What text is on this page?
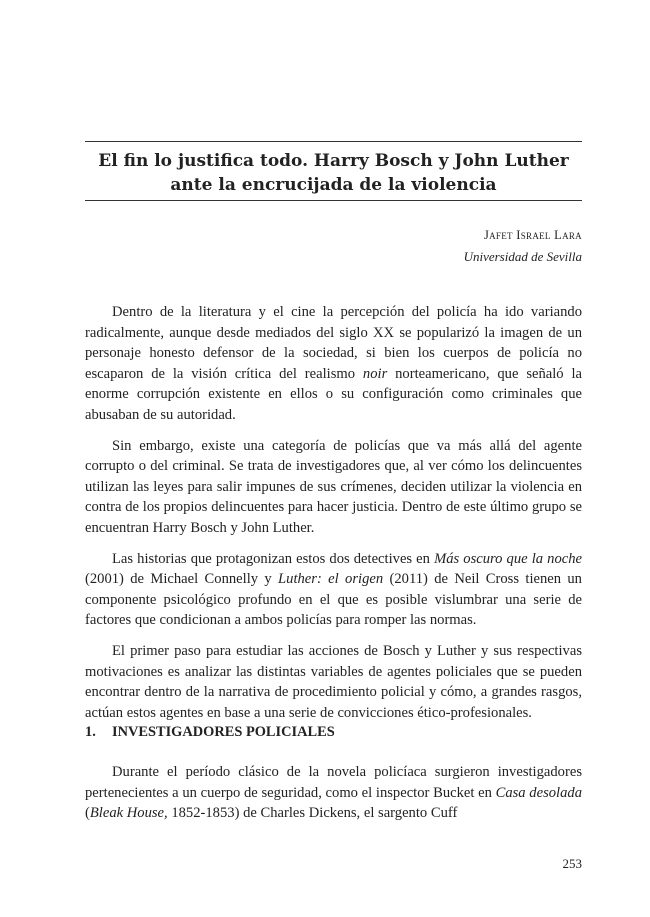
El fin lo justifica todo. Harry Bosch y John Luther
ante la encrucijada de la violencia
Jafet Israel Lara
Universidad de Sevilla

Dentro de la literatura y el cine la percepción del policía ha ido variando radicalmente, aunque desde mediados del siglo XX se popularizó la imagen de un personaje honesto defensor de la sociedad, si bien los cuerpos de policía no escaparon de la visión crítica del realismo noir norteamericano, que señaló la enorme corrupción existente en ellos o su configuración como criminales que abusaban de su autoridad.

Sin embargo, existe una categoría de policías que va más allá del agente corrupto o del criminal. Se trata de investigadores que, al ver cómo los delincuentes utilizan las leyes para salir impunes de sus crímenes, deciden utilizar la violencia en contra de los propios delincuentes para hacer justicia. Dentro de este último grupo se encuentran Harry Bosch y John Luther.

Las historias que protagonizan estos dos detectives en Más oscuro que la noche (2001) de Michael Connelly y Luther: el origen (2011) de Neil Cross tienen un componente psicológico profundo en el que es posible vislumbrar una serie de factores que condicionan a ambos policías para romper las normas.

El primer paso para estudiar las acciones de Bosch y Luther y sus respectivas motivaciones es analizar las distintas variables de agentes policiales que se pueden encontrar dentro de la narrativa de procedimiento policial y cómo, a grandes rasgos, actúan estos agentes en base a una serie de convicciones ético-profesionales.

1. INVESTIGADORES POLICIALES

Durante el período clásico de la novela policíaca surgieron investigadores pertenecientes a un cuerpo de seguridad, como el inspector Bucket en Casa desolada (Bleak House, 1852-1853) de Charles Dickens, el sargento Cuff

253
